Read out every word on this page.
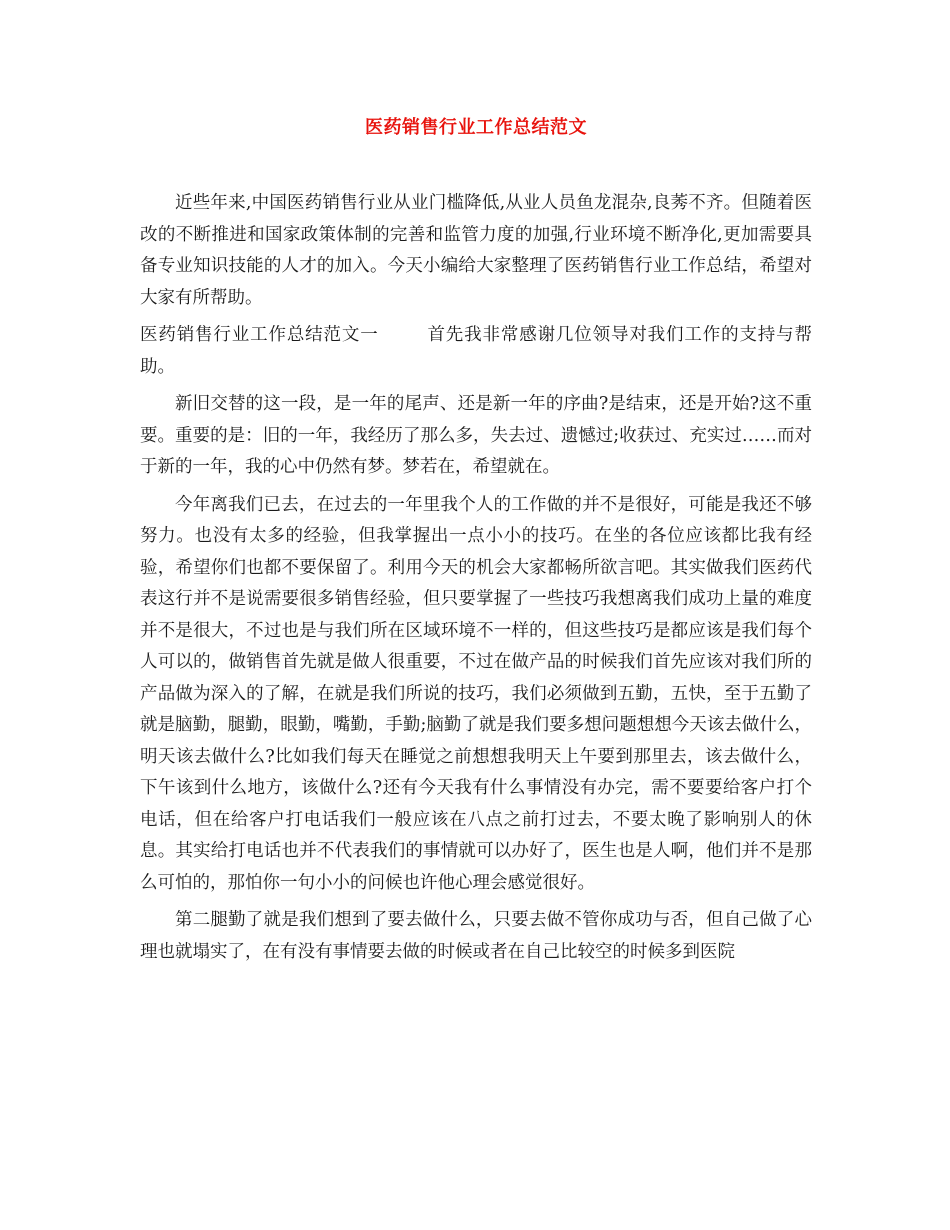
医药销售行业工作总结范文

近些年来,中国医药销售行业从业门槛降低,从业人员鱼龙混杂,良莠不齐。但随着医改的不断推进和国家政策体制的完善和监管力度的加强,行业环境不断净化,更加需要具备专业知识技能的人才的加入。今天小编给大家整理了医药销售行业工作总结，希望对大家有所帮助。

医药销售行业工作总结范文一	首先我非常感谢几位领导对我们工作的支持与帮助。

新旧交替的这一段，是一年的尾声、还是新一年的序曲?是结束，还是开始?这不重要。重要的是：旧的一年，我经历了那么多，失去过、遗憾过;收获过、充实过……而对于新的一年，我的心中仍然有梦。梦若在，希望就在。

今年离我们已去，在过去的一年里我个人的工作做的并不是很好，可能是我还不够努力。也没有太多的经验，但我掌握出一点小小的技巧。在坐的各位应该都比我有经验，希望你们也都不要保留了。利用今天的机会大家都畅所欲言吧。其实做我们医药代表这行并不是说需要很多销售经验，但只要掌握了一些技巧我想离我们成功上量的难度并不是很大，不过也是与我们所在区域环境不一样的，但这些技巧是都应该是我们每个人可以的，做销售首先就是做人很重要，不过在做产品的时候我们首先应该对我们所的产品做为深入的了解，在就是我们所说的技巧，我们必须做到五勤，五快，至于五勤了就是脑勤，腿勤，眼勤，嘴勤，手勤;脑勤了就是我们要多想问题想想今天该去做什么，明天该去做什么?比如我们每天在睡觉之前想想我明天上午要到那里去，该去做什么，下午该到什么地方，该做什么?还有今天我有什么事情没有办完，需不要要给客户打个电话，但在给客户打电话我们一般应该在八点之前打过去，不要太晚了影响别人的休息。其实给打电话也并不代表我们的事情就可以办好了，医生也是人啊，他们并不是那么可怕的，那怕你一句小小的问候也许他心理会感觉很好。

第二腿勤了就是我们想到了要去做什么，只要去做不管你成功与否，但自己做了心理也就塌实了，在有没有事情要去做的时候或者在自己比较空的时候多到医院
